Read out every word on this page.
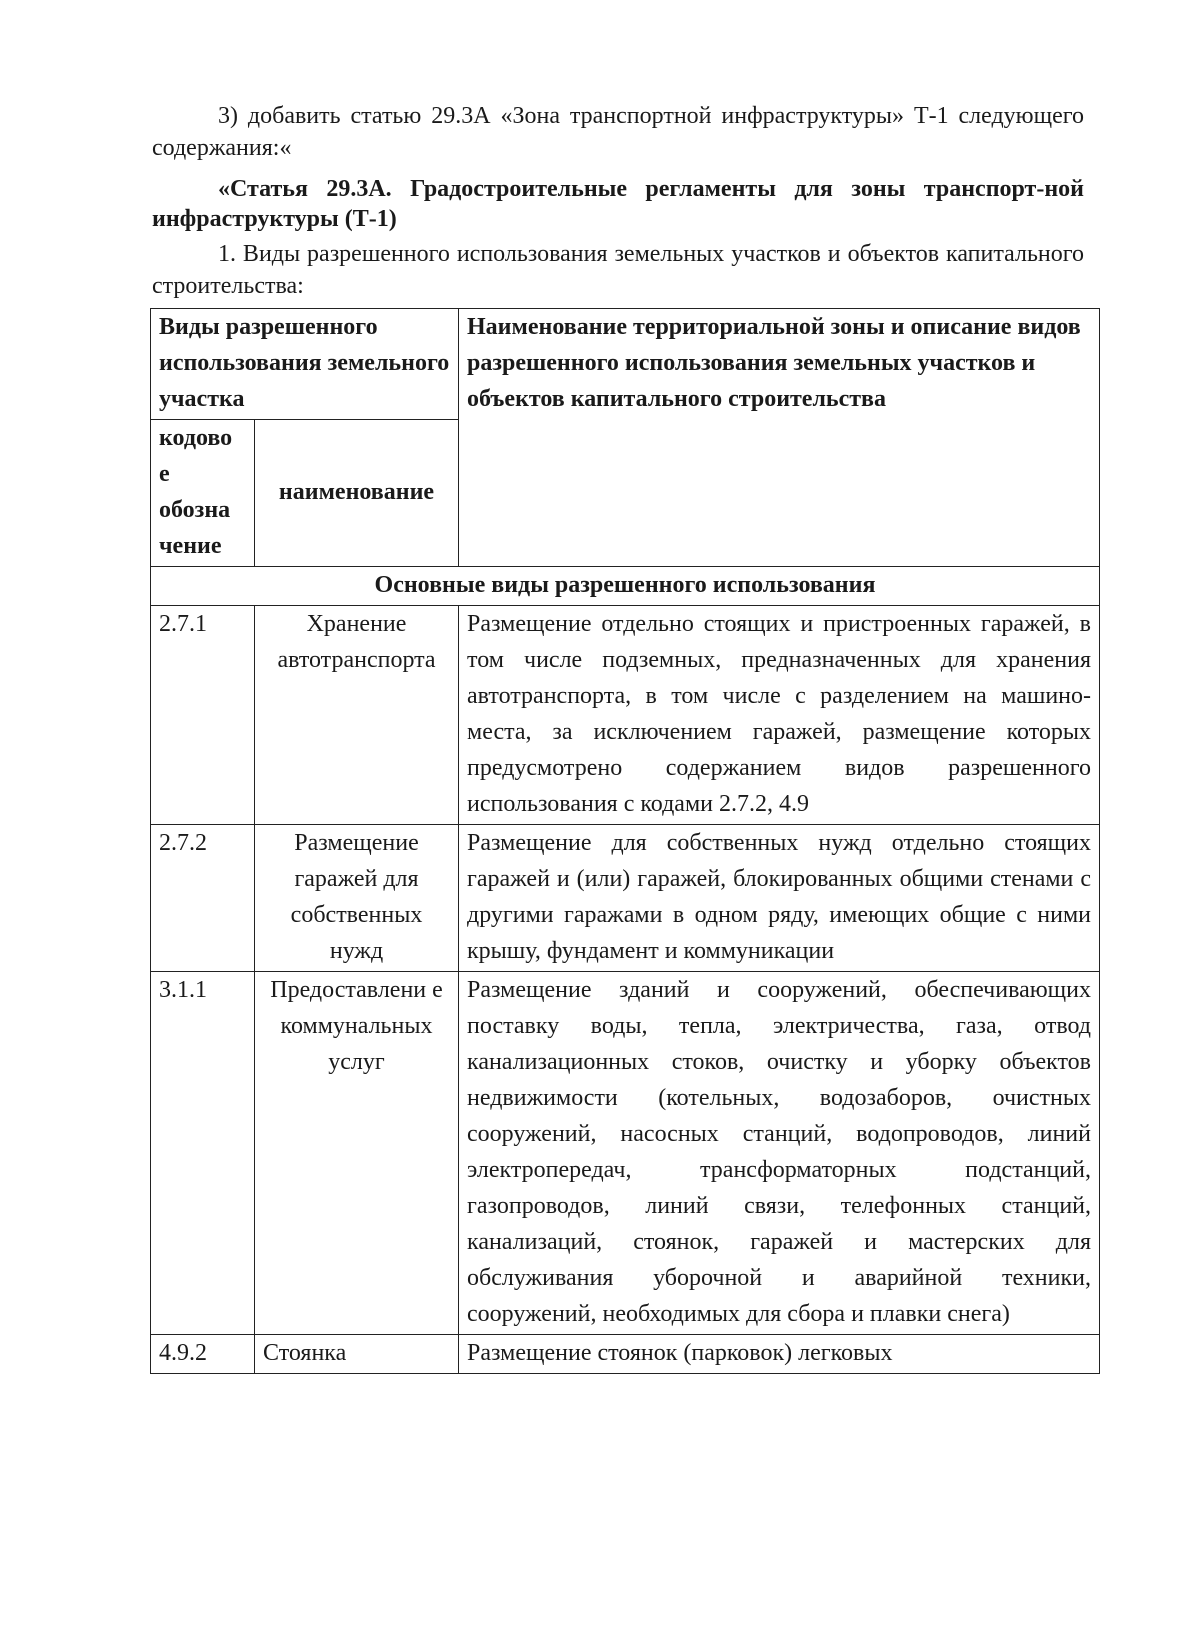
3) добавить статью 29.3А «Зона транспортной инфраструктуры» Т-1 следующего содержания:«

«Статья 29.3А. Градостроительные регламенты для зоны транспорт-ной инфраструктуры (Т-1)

1. Виды разрешенного использования земельных участков и объектов капитального строительства:

Виды разрешенного использования земельного участка		Наименование территориальной зоны и описание видов разрешенного использования земельных участков и объектов капитального строительства
кодово е обозна чение	наименование	
Основные виды разрешенного использования		
2.7.1	Хранение автотранспорта	Размещение отдельно стоящих и пристроенных гаражей, в том числе подземных, предназначенных для хранения автотранспорта, в том числе с разделением на машино-места, за исключением гаражей, размещение которых предусмотрено содержанием видов разрешенного использования с кодами 2.7.2, 4.9
2.7.2	Размещение гаражей для собственных нужд	Размещение для собственных нужд отдельно стоящих гаражей и (или) гаражей, блокированных общими стенами с другими гаражами в одном ряду, имеющих общие с ними крышу, фундамент и коммуникации
3.1.1	Предоставлени е коммунальных услуг	Размещение зданий и сооружений, обеспечивающих поставку воды, тепла, электричества, газа, отвод канализационных стоков, очистку и уборку объектов недвижимости (котельных, водозаборов, очистных сооружений, насосных станций, водопроводов, линий электропередач, трансформаторных подстанций, газопроводов, линий связи, телефонных станций, канализаций, стоянок, гаражей и мастерских для обслуживания уборочной и аварийной техники, сооружений, необходимых для сбора и плавки снега)
4.9.2	Стоянка	Размещение стоянок (парковок) легковых
